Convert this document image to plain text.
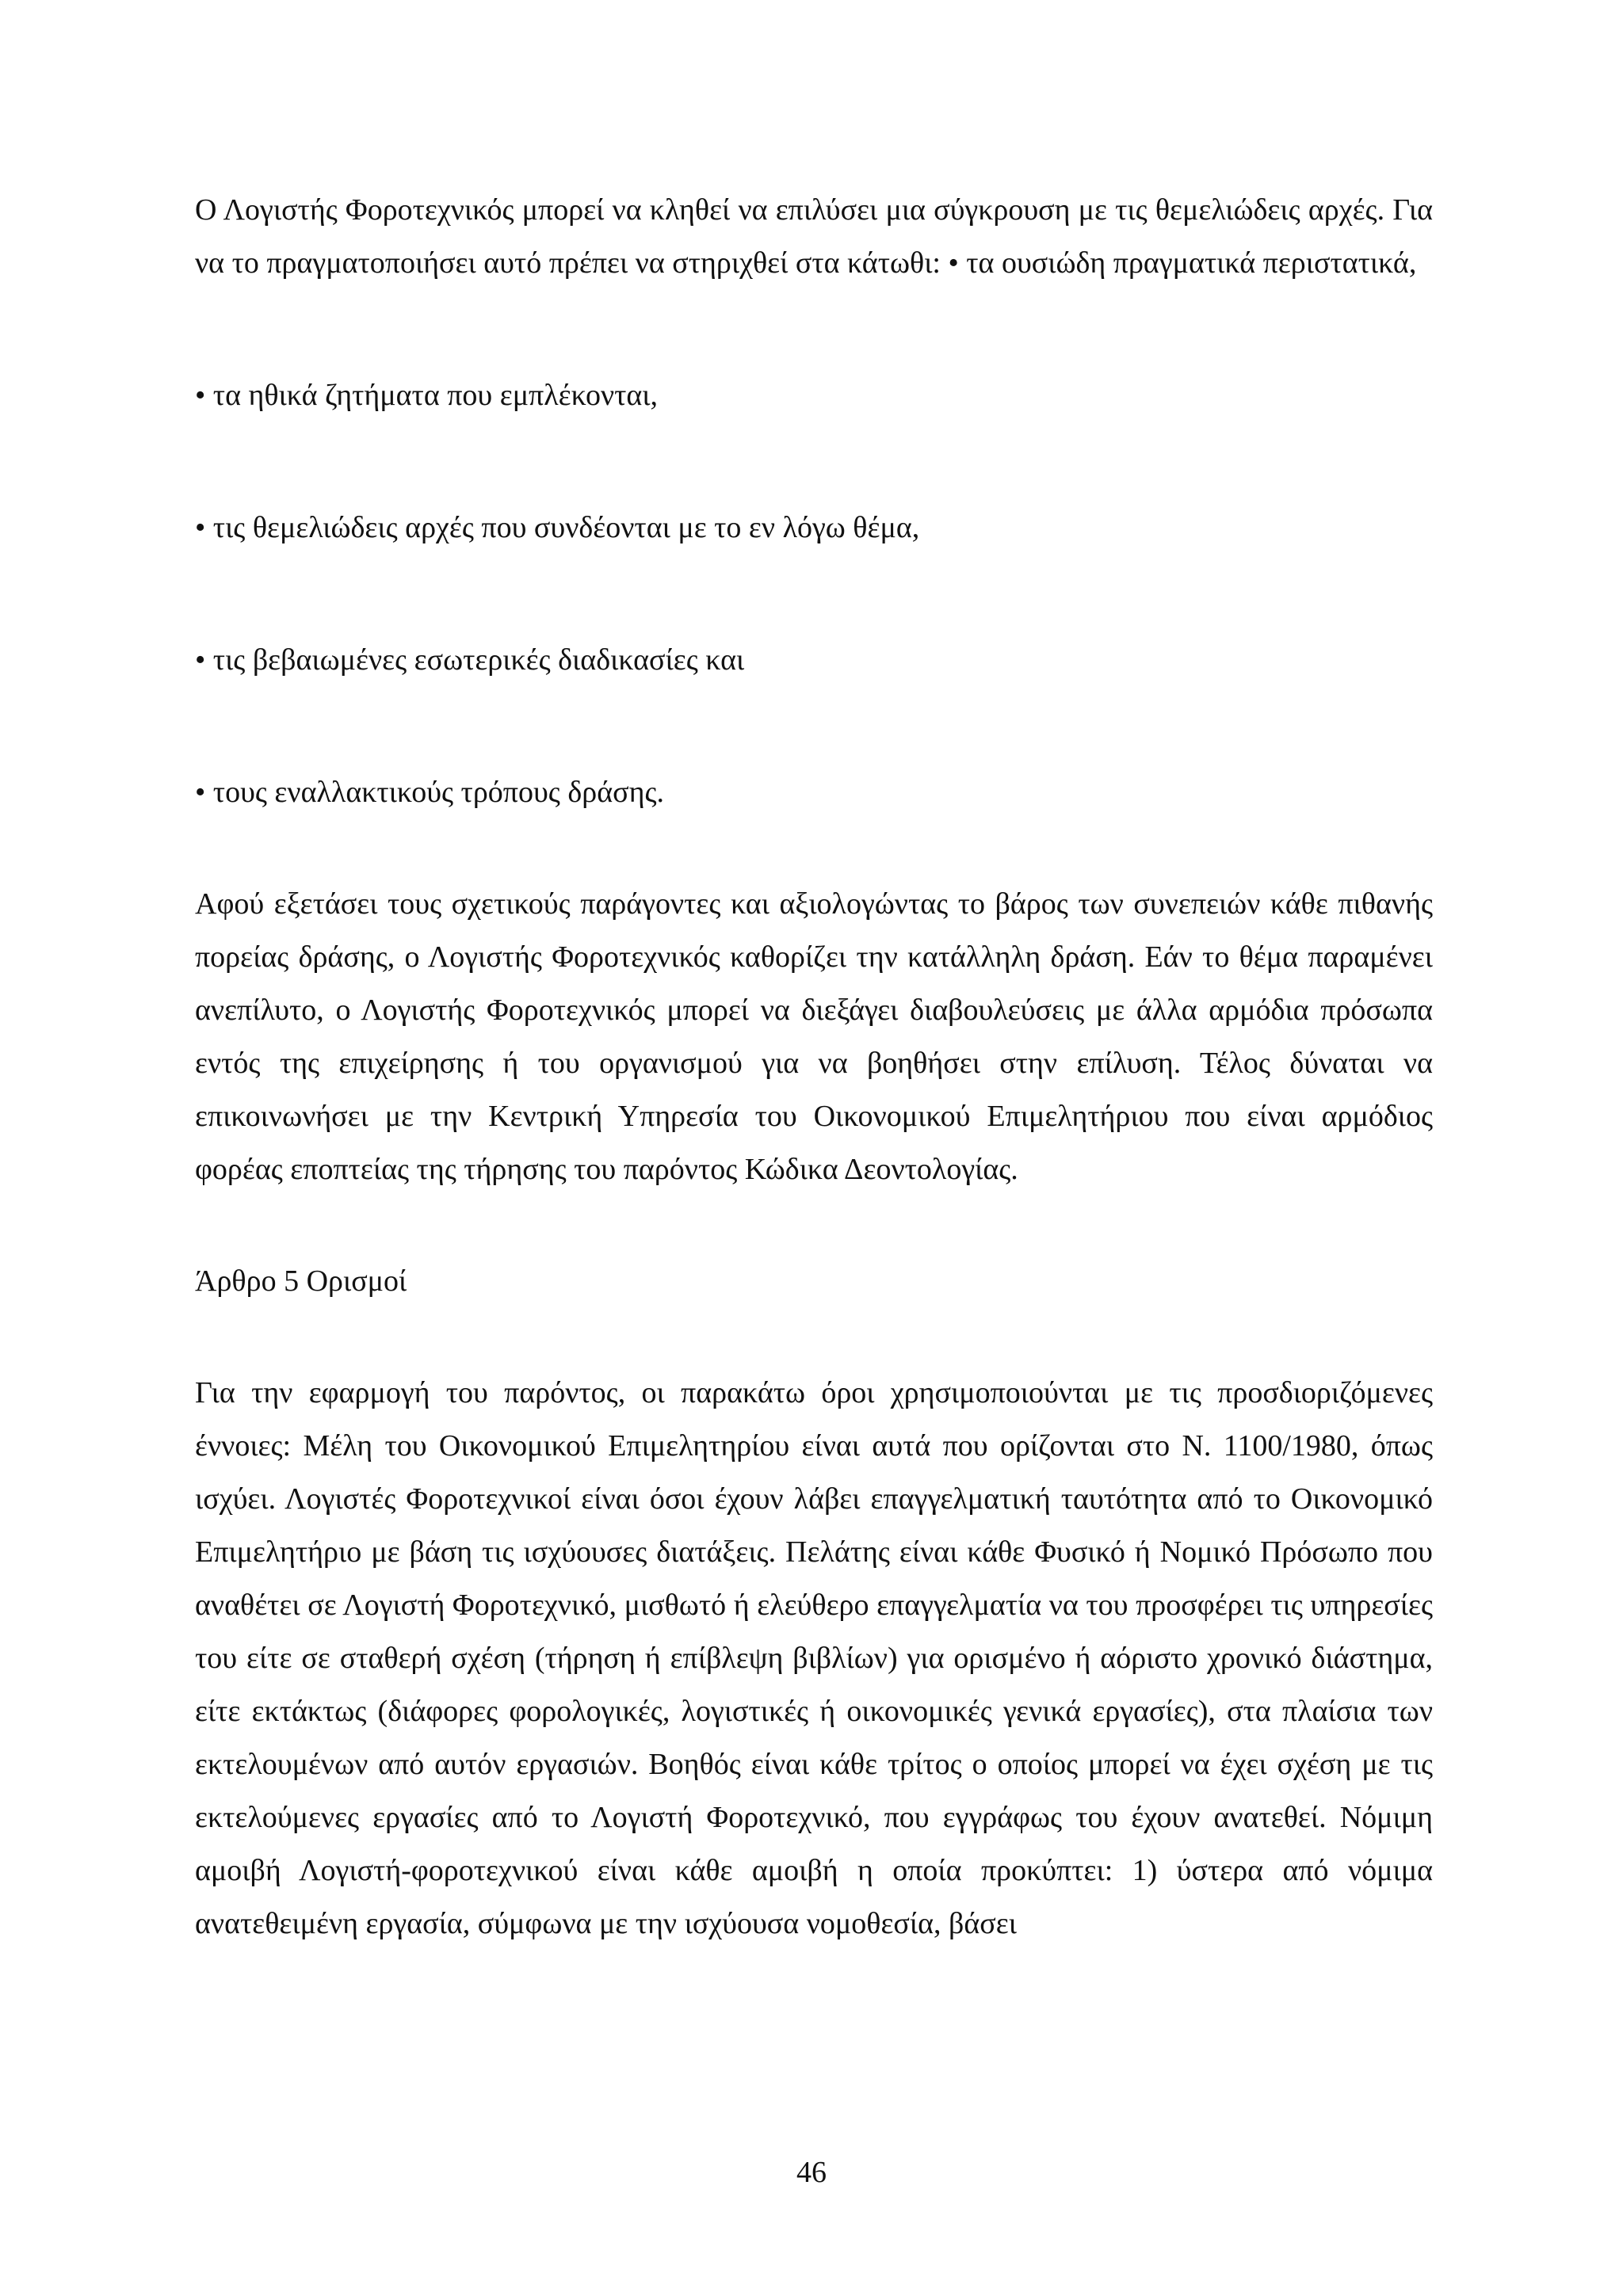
Ο Λογιστής Φοροτεχνικός μπορεί να κληθεί να επιλύσει μια σύγκρουση με τις θεμελιώδεις αρχές. Για να το πραγματοποιήσει αυτό πρέπει να στηριχθεί στα κάτωθι: • τα ουσιώδη πραγματικά περιστατικά,

• τα ηθικά ζητήματα που εμπλέκονται,

• τις θεμελιώδεις αρχές που συνδέονται με το εν λόγω θέμα,

• τις βεβαιωμένες εσωτερικές διαδικασίες και

• τους εναλλακτικούς τρόπους δράσης.

Αφού εξετάσει τους σχετικούς παράγοντες και αξιολογώντας το βάρος των συνεπειών κάθε πιθανής πορείας δράσης, ο Λογιστής Φοροτεχνικός καθορίζει την κατάλληλη δράση. Εάν το θέμα παραμένει ανεπίλυτο, ο Λογιστής Φοροτεχνικός μπορεί να διεξάγει διαβουλεύσεις με άλλα αρμόδια πρόσωπα εντός της επιχείρησης ή του οργανισμού για να βοηθήσει στην επίλυση. Τέλος δύναται να επικοινωνήσει με την Κεντρική Υπηρεσία του Οικονομικού Επιμελητήριου που είναι αρμόδιος φορέας εποπτείας της τήρησης του παρόντος Κώδικα Δεοντολογίας.

Άρθρο 5 Ορισμοί

Για την εφαρμογή του παρόντος, οι παρακάτω όροι χρησιμοποιούνται με τις προσδιοριζόμενες έννοιες: Μέλη του Οικονομικού Επιμελητηρίου είναι αυτά που ορίζονται στο Ν. 1100/1980, όπως ισχύει. Λογιστές Φοροτεχνικοί είναι όσοι έχουν λάβει επαγγελματική ταυτότητα από το Οικονομικό Επιμελητήριο με βάση τις ισχύουσες διατάξεις. Πελάτης είναι κάθε Φυσικό ή Νομικό Πρόσωπο που αναθέτει σε Λογιστή Φοροτεχνικό, μισθωτό ή ελεύθερο επαγγελματία να του προσφέρει τις υπηρεσίες του είτε σε σταθερή σχέση (τήρηση ή επίβλεψη βιβλίων) για ορισμένο ή αόριστο χρονικό διάστημα, είτε εκτάκτως (διάφορες φορολογικές, λογιστικές ή οικονομικές γενικά εργασίες), στα πλαίσια των εκτελουμένων από αυτόν εργασιών. Βοηθός είναι κάθε τρίτος ο οποίος μπορεί να έχει σχέση με τις εκτελούμενες εργασίες από το Λογιστή Φοροτεχνικό, που εγγράφως του έχουν ανατεθεί. Νόμιμη αμοιβή Λογιστή-φοροτεχνικού είναι κάθε αμοιβή η οποία προκύπτει: 1) ύστερα από νόμιμα ανατεθειμένη εργασία, σύμφωνα με την ισχύουσα νομοθεσία, βάσει

46
